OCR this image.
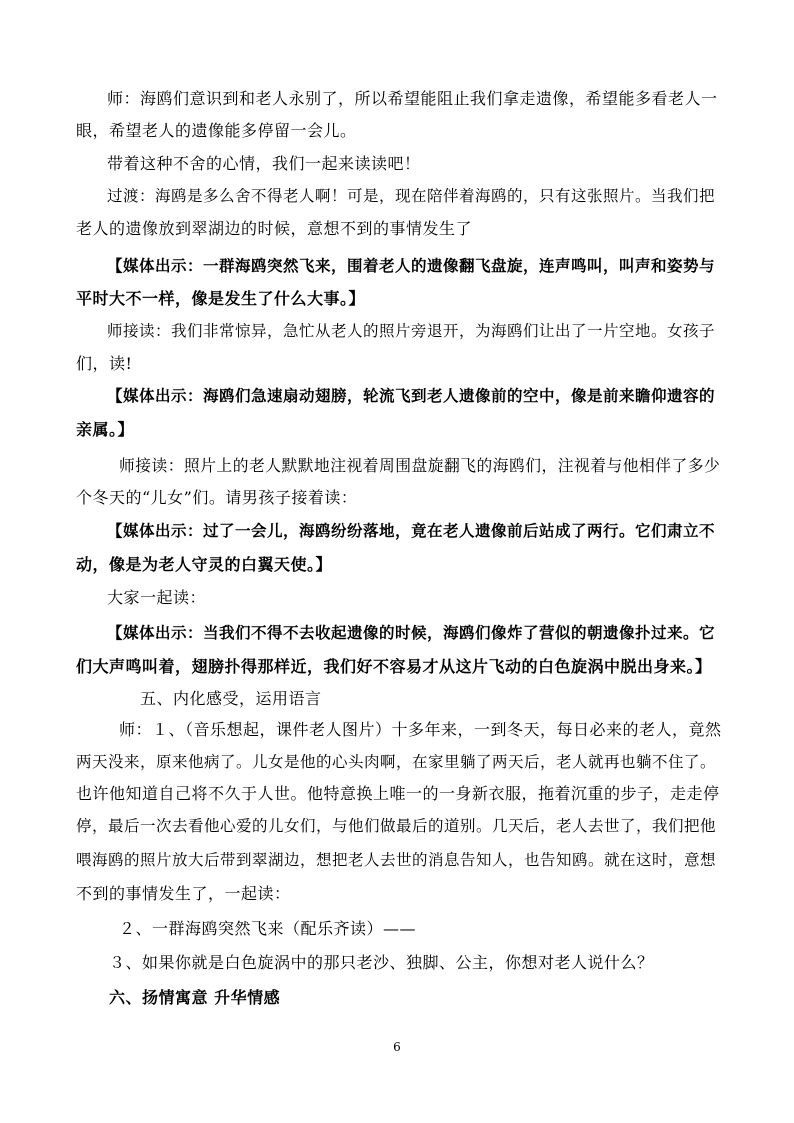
师：海鸥们意识到和老人永别了，所以希望能阻止我们拿走遗像，希望能多看老人一
眼，希望老人的遗像能多停留一会儿。
带着这种不舍的心情，我们一起来读读吧！
过渡：海鸥是多么舍不得老人啊！可是，现在陪伴着海鸥的，只有这张照片。当我们把
老人的遗像放到翠湖边的时候，意想不到的事情发生了
【媒体出示：一群海鸥突然飞来，围着老人的遗像翻飞盘旋，连声鸣叫，叫声和姿势与
平时大不一样，像是发生了什么大事。】
师接读：我们非常惊异，急忙从老人的照片旁退开，为海鸥们让出了一片空地。女孩子
们，读!
【媒体出示：海鸥们急速扇动翅膀，轮流飞到老人遗像前的空中，像是前来瞻仰遗容的
亲属。】
师接读：照片上的老人默默地注视着周围盘旋翻飞的海鸥们，注视着与他相伴了多少
个冬天的“儿女”们。请男孩子接着读：
【媒体出示：过了一会儿，海鸥纷纷落地，竟在老人遗像前后站成了两行。它们肃立不
动，像是为老人守灵的白翼天使。】
大家一起读：
【媒体出示：当我们不得不去收起遗像的时候，海鸥们像炸了营似的朝遗像扑过来。它
们大声鸣叫着，翅膀扑得那样近，我们好不容易才从这片飞动的白色旋涡中脱出身来。】
五、内化感受，运用语言
师：１、（音乐想起，课件老人图片）十多年来，一到冬天，每日必来的老人，竟然
两天没来，原来他病了。儿女是他的心头肉啊，在家里躺了两天后，老人就再也躺不住了。
也许他知道自己将不久于人世。他特意换上唯一的一身新衣服，拖着沉重的步子，走走停
停，最后一次去看他心爱的儿女们，与他们做最后的道别。几天后，老人去世了，我们把他
喂海鸥的照片放大后带到翠湖边，想把老人去世的消息告知人，也告知鸥。就在这时，意想
不到的事情发生了，一起读：
２、一群海鸥突然飞来（配乐齐读）——
３、如果你就是白色旋涡中的那只老沙、独脚、公主，你想对老人说什么？
六、扬情寓意 升华情感
6
